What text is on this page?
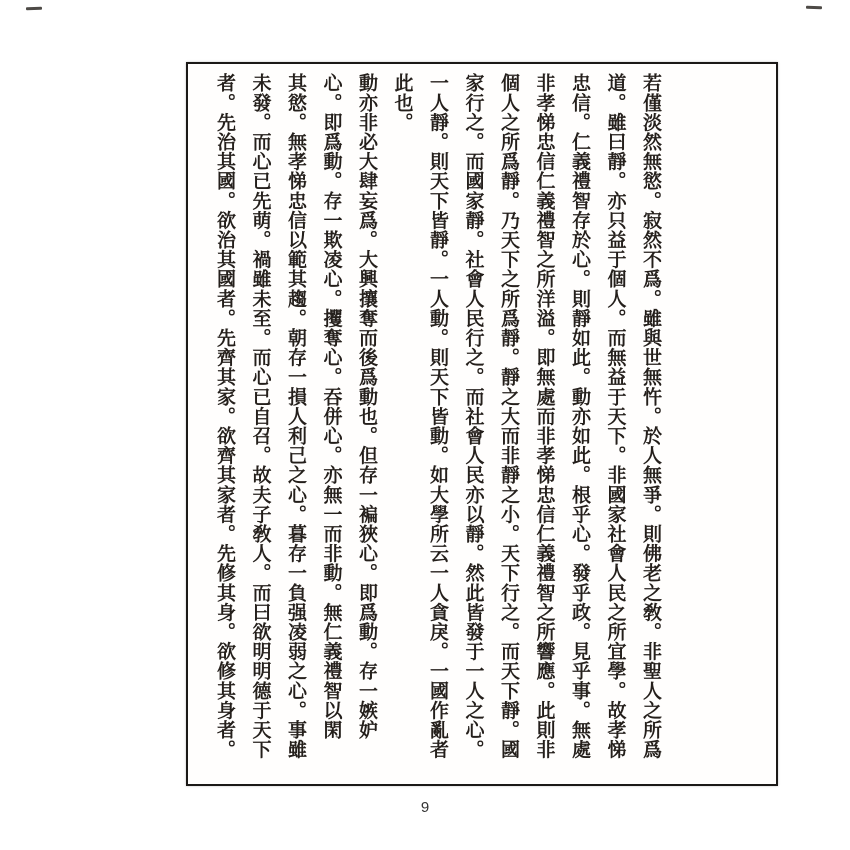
若僅淡然無慾。寂然不爲。雖與世無忤。於人無爭。則佛老之敎。非聖人之所爲
道。雖曰靜。亦只益于個人。而無益于天下。非國家社會人民之所宜學。故孝悌
忠信。仁義禮智存於心。則靜如此。動亦如此。根乎心。發乎政。見乎事。無處
非孝悌忠信仁義禮智之所洋溢。即無處而非孝悌忠信仁義禮智之所響應。此則非
個人之所爲靜。乃天下之所爲靜。靜之大而非靜之小。天下行之。而天下靜。國
家行之。而國家靜。社會人民行之。而社會人民亦以靜。然此皆發于一人之心。
一人靜。則天下皆靜。一人動。則天下皆動。如大學所云一人貪戾。一國作亂者
此也。
動亦非必大肆妄爲。大興攘奪而後爲動也。但存一褊狹心。即爲動。存一嫉妒
心。即爲動。存一欺凌心。攫奪心。吞併心。亦無一而非動。無仁義禮智以閑
其慾。無孝悌忠信以範其趨。朝存一損人利己之心。暮存一負强凌弱之心。事雖
未發。而心已先萌。禍雖未至。而心已自召。故夫子敎人。而曰欲明明德于天下
者。先治其國。欲治其國者。先齊其家。欲齊其家者。先修其身。欲修其身者。
9
